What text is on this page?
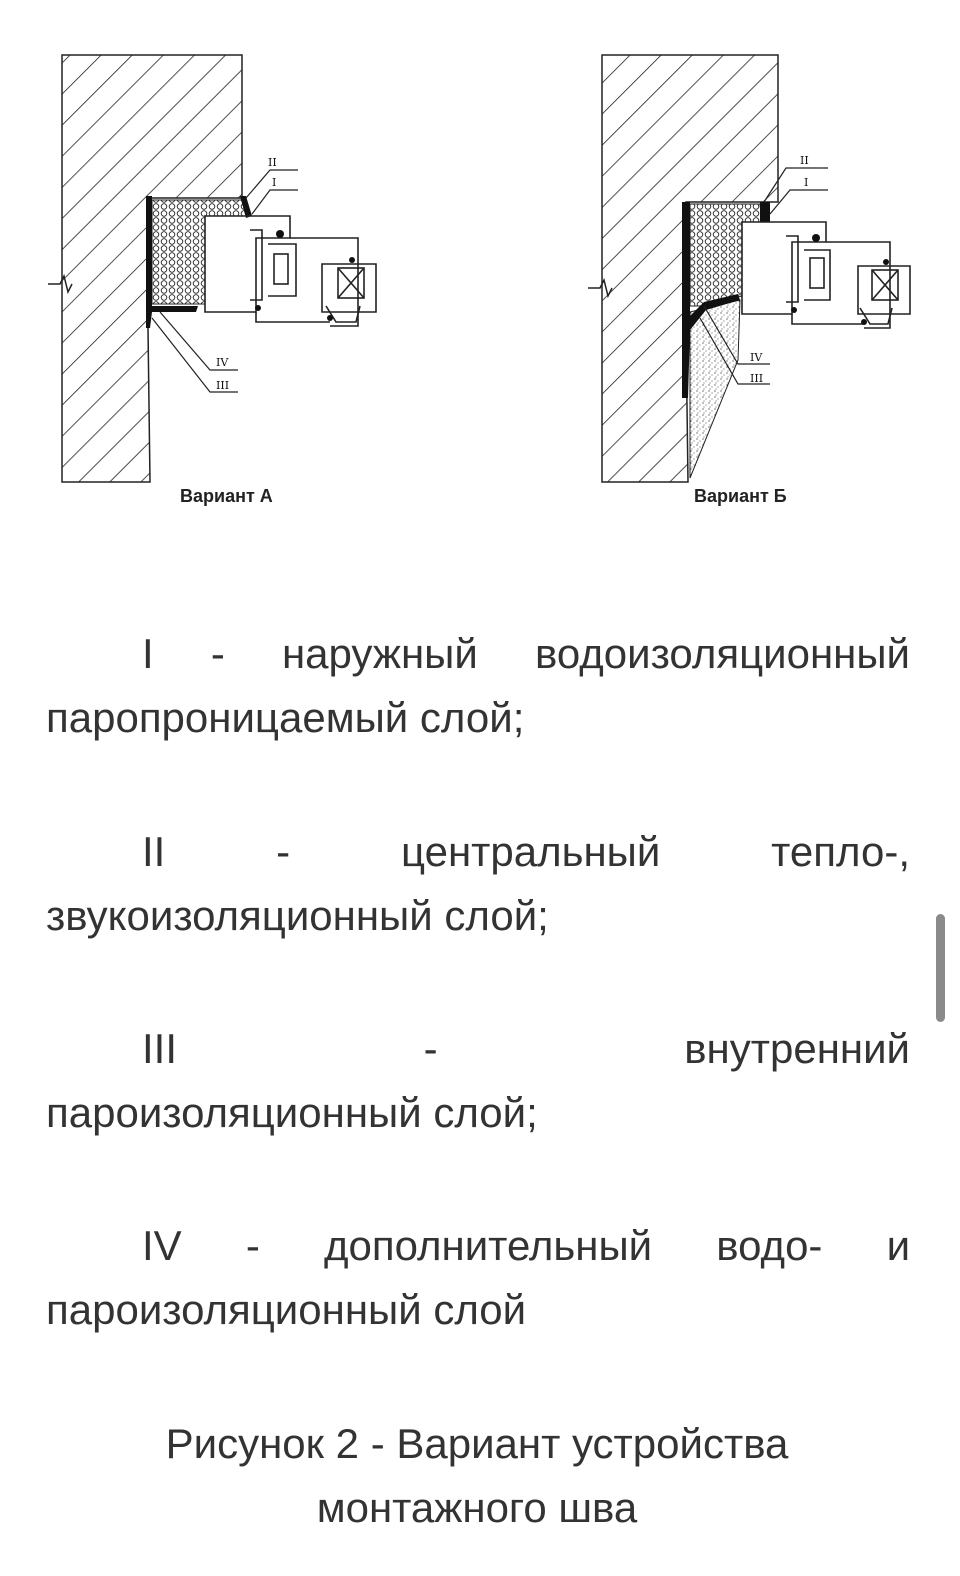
II
I
IV
III
Вариант А
II
I
IV
III
Вариант Б
I - наружный водоизоляционный
паропроницаемый слой;
II	-	центральный	тепло-,
звукоизоляционный слой;
III	-	внутренний
пароизоляционный слой;
IV - дополнительный водо- и
пароизоляционный слой
Рисунок 2 - Вариант устройства
монтажного шва
